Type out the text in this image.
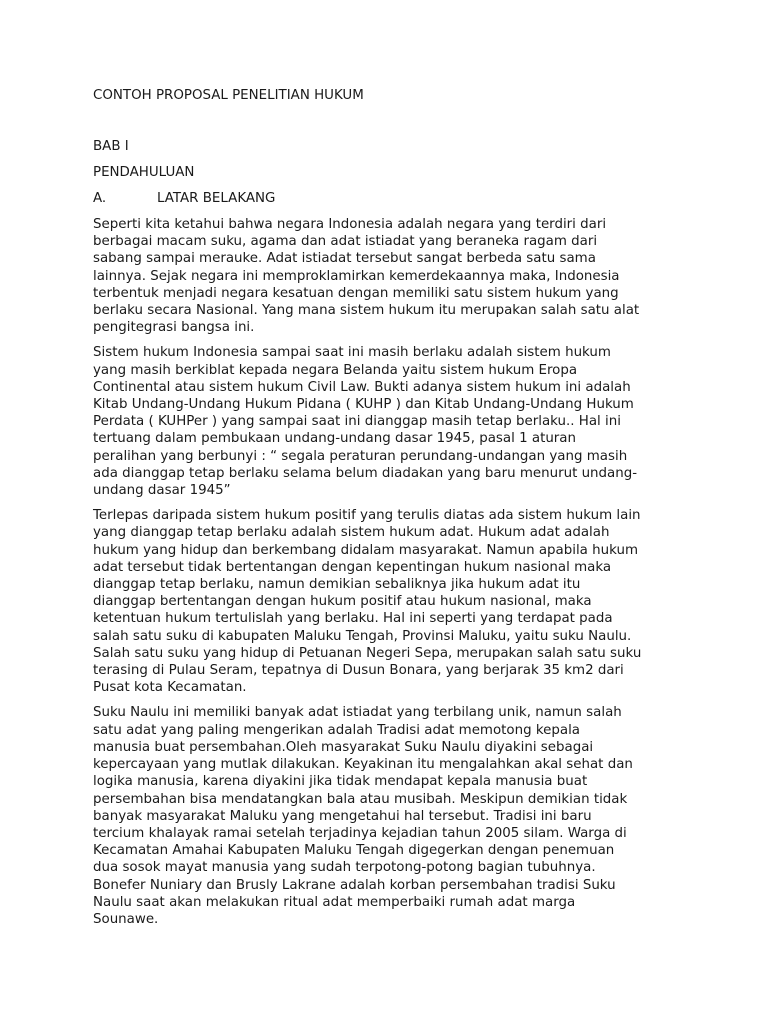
CONTOH PROPOSAL PENELITIAN HUKUM

BAB I

PENDAHULUAN

A.	LATAR BELAKANG

Seperti kita ketahui bahwa negara Indonesia adalah negara yang terdiri dari
berbagai macam suku, agama dan adat istiadat yang beraneka ragam dari
sabang sampai merauke. Adat istiadat tersebut sangat berbeda satu sama
lainnya. Sejak negara ini memproklamirkan kemerdekaannya maka, Indonesia
terbentuk menjadi negara kesatuan dengan memiliki satu sistem hukum yang
berlaku secara Nasional. Yang mana sistem hukum itu merupakan salah satu alat
pengitegrasi bangsa ini.
Sistem hukum Indonesia sampai saat ini masih berlaku adalah sistem hukum
yang masih berkiblat kepada negara Belanda yaitu sistem hukum Eropa
Continental atau sistem hukum Civil Law. Bukti adanya sistem hukum ini adalah
Kitab Undang-Undang Hukum Pidana ( KUHP ) dan Kitab Undang-Undang Hukum
Perdata ( KUHPer ) yang sampai saat ini dianggap masih tetap berlaku.. Hal ini
tertuang dalam pembukaan undang-undang dasar 1945, pasal 1 aturan
peralihan yang berbunyi : “ segala peraturan perundang-undangan yang masih
ada dianggap tetap berlaku selama belum diadakan yang baru menurut undang-
undang dasar 1945”
Terlepas daripada sistem hukum positif yang terulis diatas ada sistem hukum lain
yang dianggap tetap berlaku adalah sistem hukum adat. Hukum adat adalah
hukum yang hidup dan berkembang didalam masyarakat. Namun apabila hukum
adat tersebut tidak bertentangan dengan kepentingan hukum nasional maka
dianggap tetap berlaku, namun demikian sebaliknya jika hukum adat itu
dianggap bertentangan dengan hukum positif atau hukum nasional, maka
ketentuan hukum tertulislah yang berlaku. Hal ini seperti yang terdapat pada
salah satu suku di kabupaten Maluku Tengah, Provinsi Maluku, yaitu suku Naulu.
Salah satu suku yang hidup di Petuanan Negeri Sepa, merupakan salah satu suku
terasing di Pulau Seram, tepatnya di Dusun Bonara, yang berjarak 35 km2 dari
Pusat kota Kecamatan.
Suku Naulu ini memiliki banyak adat istiadat yang terbilang unik, namun salah
satu adat yang paling mengerikan adalah Tradisi adat memotong kepala
manusia buat persembahan.Oleh masyarakat Suku Naulu diyakini sebagai
kepercayaan yang mutlak dilakukan. Keyakinan itu mengalahkan akal sehat dan
logika manusia, karena diyakini jika tidak mendapat kepala manusia buat
persembahan bisa mendatangkan bala atau musibah. Meskipun demikian tidak
banyak masyarakat Maluku yang mengetahui hal tersebut. Tradisi ini baru
tercium khalayak ramai setelah terjadinya kejadian tahun 2005 silam. Warga di
Kecamatan Amahai Kabupaten Maluku Tengah digegerkan dengan penemuan
dua sosok mayat manusia yang sudah terpotong-potong bagian tubuhnya.
Bonefer Nuniary dan Brusly Lakrane adalah korban persembahan tradisi Suku
Naulu saat akan melakukan ritual adat memperbaiki rumah adat marga
Sounawe.
